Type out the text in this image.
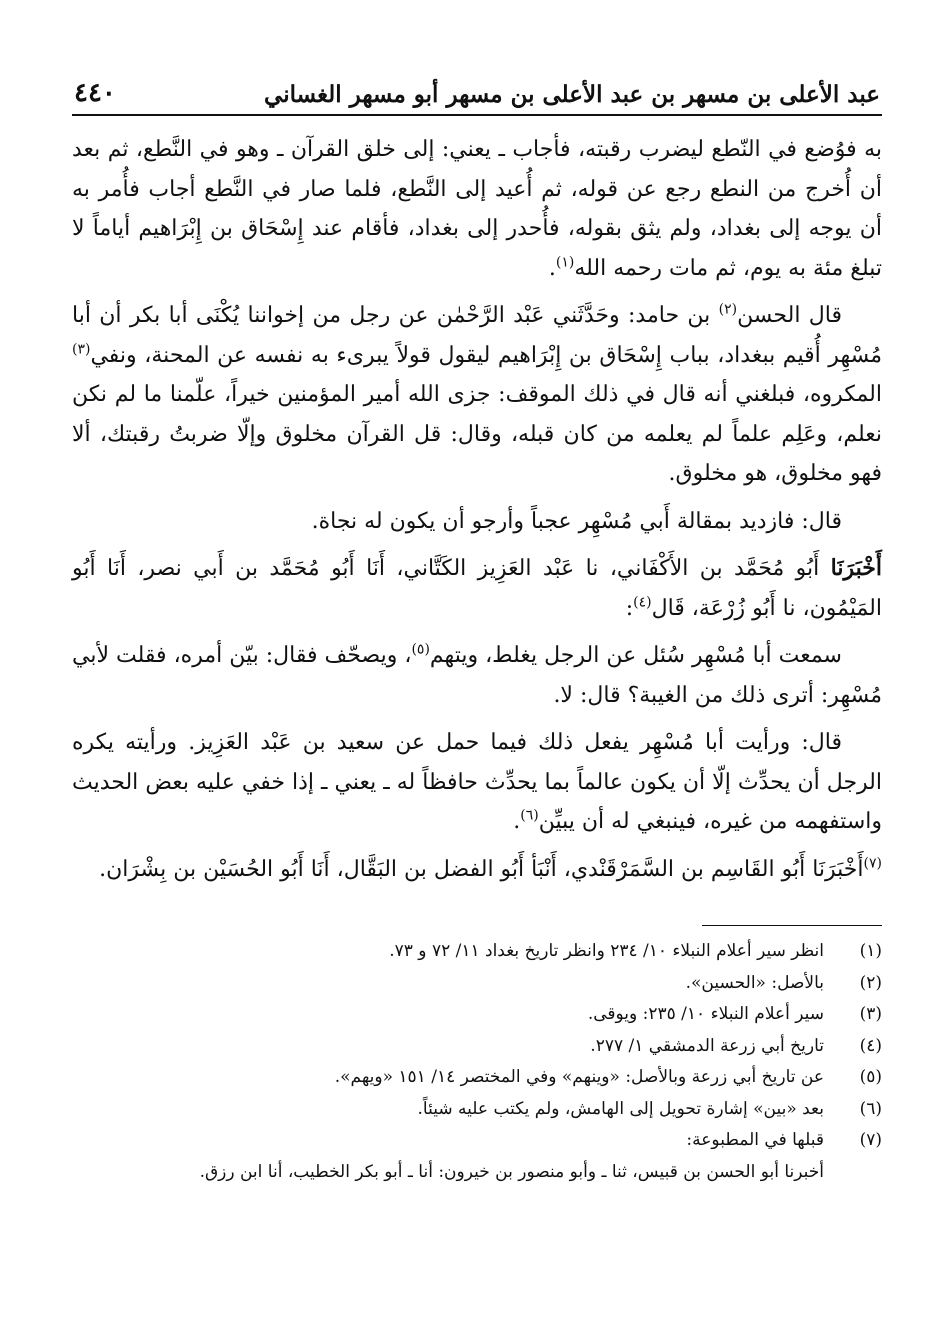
عبد الأعلى بن مسهر بن عبد الأعلى بن مسهر أبو مسهر الغساني
٤٤٠

به فوُضع في النّطع ليضرب رقبته، فأجاب ـ يعني: إلى خلق القرآن ـ وهو في النَّطع، ثم بعد أن أُخرج من النطع رجع عن قوله، ثم أُعيد إلى النَّطع، فلما صار في النَّطع أجاب فأُمر به أن يوجه إلى بغداد، ولم يثق بقوله، فأُحدر إلى بغداد، فأقام عند إِسْحَاق بن إِبْرَاهيم أياماً لا تبلغ مئة به يوم، ثم مات رحمه الله$^{(١)}$.

قال الحسن$^{(٢)}$ بن حامد: وحَدَّثَني عَبْد الرَّحْمٰن عن رجل من إخواننا يُكْنَى أبا بكر أن أبا مُسْهِر أُقيم ببغداد، بباب إِسْحَاق بن إِبْرَاهيم ليقول قولاً يبرىء به نفسه عن المحنة، ونفي$^{(٣)}$ المكروه، فبلغني أنه قال في ذلك الموقف: جزى الله أمير المؤمنين خيراً، علّمنا ما لم نكن نعلم، وعَلِم علماً لم يعلمه من كان قبله، وقال: قل القرآن مخلوق وإلّا ضربتُ رقبتك، ألا فهو مخلوق، هو مخلوق.

قال: فازديد بمقالة أَبي مُسْهِر عجباً وأرجو أن يكون له نجاة.

أَخْبَرَنَا أَبُو مُحَمَّد بن الأَكْفَاني، نا عَبْد العَزِيز الكَتَّاني، أَنَا أَبُو مُحَمَّد بن أَبي نصر، أَنَا أَبُو المَيْمُون، نا أَبُو زُرْعَة، قَال$^{(٤)}$:

سمعت أبا مُسْهِر سُئل عن الرجل يغلط، ويتهم$^{(٥)}$، ويصحّف فقال: بيّن أمره، فقلت لأبي مُسْهِر: أترى ذلك من الغيبة؟ قال: لا.

قال: ورأيت أبا مُسْهِر يفعل ذلك فيما حمل عن سعيد بن عَبْد العَزِيز. ورأيته يكره الرجل أن يحدِّث إلّا أن يكون عالماً بما يحدِّث حافظاً له ـ يعني ـ إذا خفي عليه بعض الحديث واستفهمه من غيره، فينبغي له أن يبيِّن$^{(٦)}$.

$^{(٧)}$أَخْبَرَنَا أَبُو القَاسِم بن السَّمَرْقَنْدي، أَنْبَأ أَبُو الفضل بن البَقَّال، أَنَا أَبُو الحُسَيْن بن بِشْرَان.

(١)
انظر سير أعلام النبلاء ١٠/ ٢٣٤ وانظر تاريخ بغداد ١١/ ٧٢ و ٧٣.
(٢)
بالأصل: «الحسين».
(٣)
سير أعلام النبلاء ١٠/ ٢٣٥: ويوقى.
(٤)
تاريخ أبي زرعة الدمشقي ١/ ٢٧٧.
(٥)
عن تاريخ أبي زرعة وبالأصل: «وينهم» وفي المختصر ١٤/ ١٥١ «ويهم».
(٦)
بعد «بين» إشارة تحويل إلى الهامش، ولم يكتب عليه شيئاً.
(٧)
قبلها في المطبوعة:
أخبرنا أبو الحسن بن قبيس، ثنا ـ وأبو منصور بن خيرون: أنا ـ أبو بكر الخطيب، أنا ابن رزق.
